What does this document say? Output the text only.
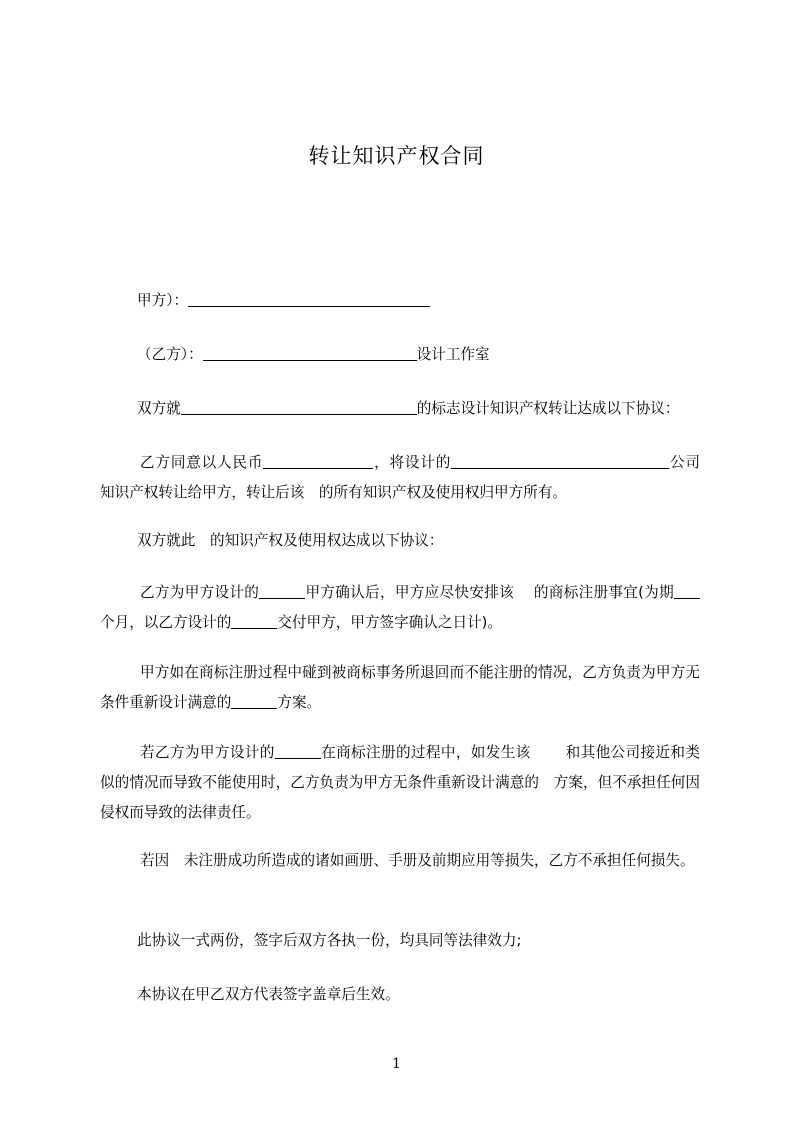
转让知识产权合同
甲方）：
（乙方）：	设计工作室
双方就	的标志设计知识产权转让达成以下协议：
乙方同意以人民币	，将设计的	公司　知识产权转让给甲方，转让后该　的所有知识产权及使用权归甲方所有。
双方就此　的知识产权及使用权达成以下协议：
乙方为甲方设计的	甲方确认后，甲方应尽快安排该　 的商标注册事宜(为期个月，以乙方设计的	交付甲方，甲方签字确认之日计)。
甲方如在商标注册过程中碰到被商标事务所退回而不能注册的情况，乙方负责为甲方无条件重新设计满意的	方案。
若乙方为甲方设计的	在商标注册的过程中，如发生该　　 和其他公司接近和类似的情况而导致不能使用时，乙方负责为甲方无条件重新设计满意的　方案，但不承担任何因侵权而导致的法律责任。
若因　未注册成功所造成的诸如画册、手册及前期应用等损失，乙方不承担任何损失。
此协议一式两份，签字后双方各执一份，均具同等法律效力;
本协议在甲乙双方代表签字盖章后生效。
1
